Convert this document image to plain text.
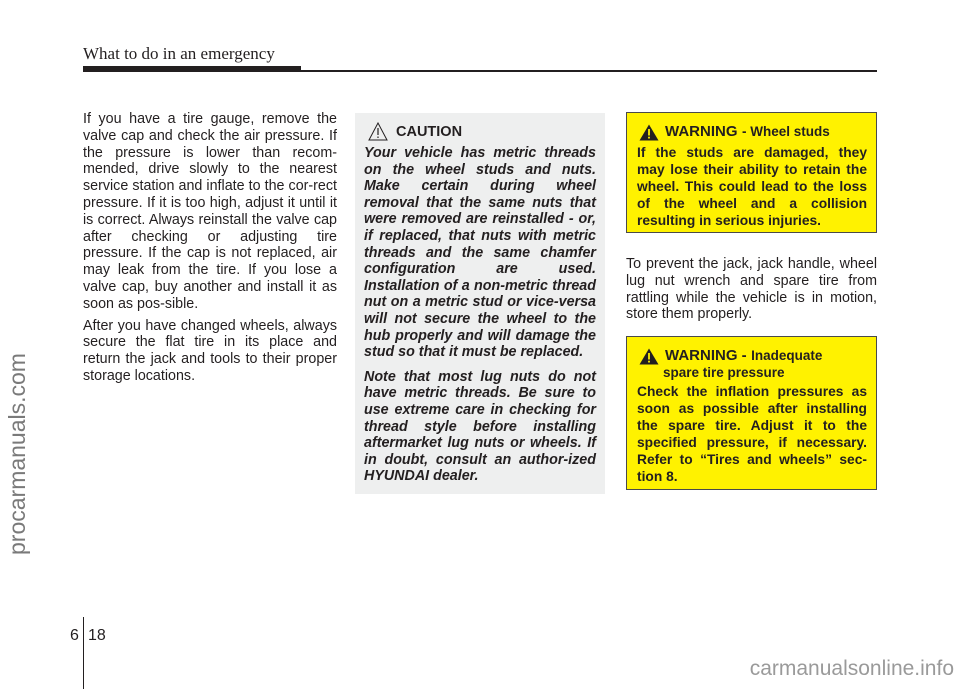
What to do in an emergency
procarmanuals.com

If you have a tire gauge, remove the valve cap and check the air pressure. If the pressure is lower than recom-mended, drive slowly to the nearest service station and inflate to the cor-rect pressure. If it is too high, adjust it until it is correct. Always reinstall the valve cap after checking or adjusting tire pressure. If the cap is not replaced, air may leak from the tire. If you lose a valve cap, buy another and install it as soon as pos-sible.

After you have changed wheels, always secure the flat tire in its place and return the jack and tools to their proper storage locations.

CAUTION

Your vehicle has metric threads on the wheel studs and nuts. Make certain during wheel removal that the same nuts that were removed are reinstalled - or, if replaced, that nuts with metric threads and the same chamfer configuration are used. Installation of a non-metric thread nut on a metric stud or vice-versa will not secure the wheel to the hub properly and will damage the stud so that it must be replaced.

Note that most lug nuts do not have metric threads. Be sure to use extreme care in checking for thread style before installing aftermarket lug nuts or wheels. If in doubt, consult an author-ized HYUNDAI dealer.

WARNING - Wheel studs

If the studs are damaged, they may lose their ability to retain the wheel. This could lead to the loss of the wheel and a collision resulting in serious injuries.

To prevent the jack, jack handle, wheel lug nut wrench and spare tire from rattling while the vehicle is in motion, store them properly.

WARNING - Inadequate
spare tire pressure

Check the inflation pressures as soon as possible after installing the spare tire. Adjust it to the specified pressure, if necessary. Refer to “Tires and wheels” sec-tion 8.

6 18
carmanualsonline.info
